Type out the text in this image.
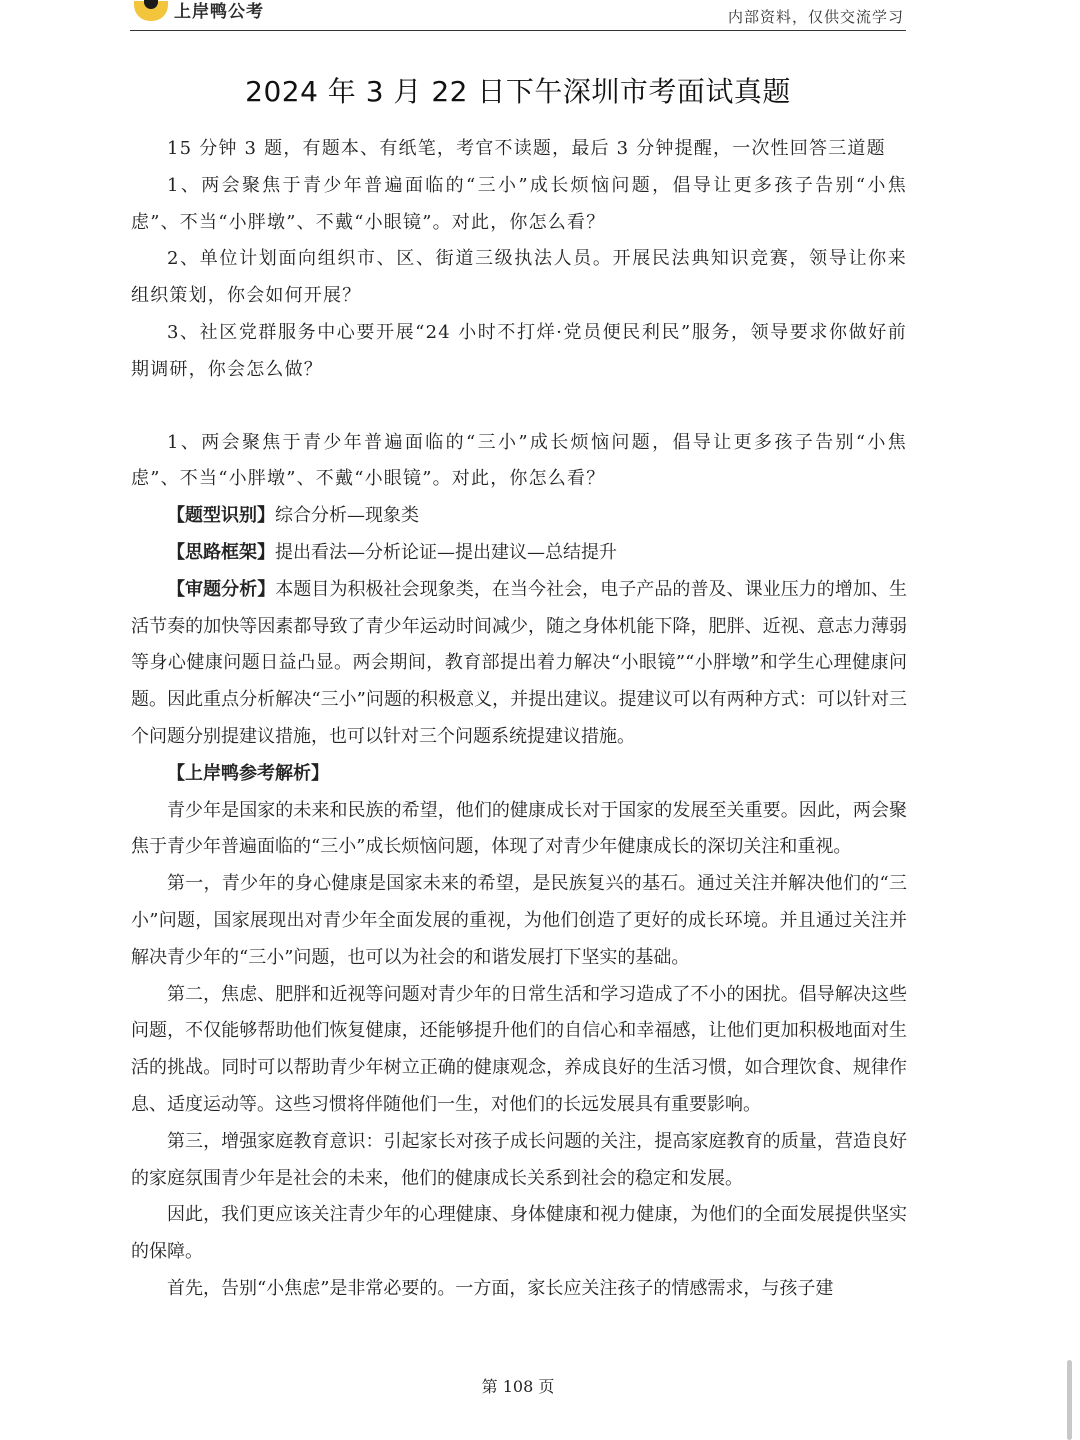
上岸鸭公考	内部资料，仅供交流学习
2024 年 3 月 22 日下午深圳市考面试真题

15 分钟 3 题，有题本、有纸笔，考官不读题，最后 3 分钟提醒，一次性回答三道题

1、两会聚焦于青少年普遍面临的“三小”成长烦恼问题，倡导让更多孩子告别“小焦虑”、不当“小胖墩”、不戴“小眼镜”。对此，你怎么看？

2、单位计划面向组织市、区、街道三级执法人员。开展民法典知识竞赛，领导让你来组织策划，你会如何开展？

3、社区党群服务中心要开展“24 小时不打烊·党员便民利民”服务，领导要求你做好前期调研，你会怎么做？

1、两会聚焦于青少年普遍面临的“三小”成长烦恼问题，倡导让更多孩子告别“小焦虑”、不当“小胖墩”、不戴“小眼镜”。对此，你怎么看？

【题型识别】综合分析—现象类

【思路框架】提出看法—分析论证—提出建议—总结提升

【审题分析】本题目为积极社会现象类，在当今社会，电子产品的普及、课业压力的增加、生活节奏的加快等因素都导致了青少年运动时间减少，随之身体机能下降，肥胖、近视、意志力薄弱等身心健康问题日益凸显。两会期间，教育部提出着力解决“小眼镜”“小胖墩”和学生心理健康问题。因此重点分析解决“三小”问题的积极意义，并提出建议。提建议可以有两种方式：可以针对三个问题分别提建议措施，也可以针对三个问题系统提建议措施。

【上岸鸭参考解析】

青少年是国家的未来和民族的希望，他们的健康成长对于国家的发展至关重要。因此，两会聚焦于青少年普遍面临的“三小”成长烦恼问题，体现了对青少年健康成长的深切关注和重视。

第一，青少年的身心健康是国家未来的希望，是民族复兴的基石。通过关注并解决他们的“三小”问题，国家展现出对青少年全面发展的重视，为他们创造了更好的成长环境。并且通过关注并解决青少年的“三小”问题，也可以为社会的和谐发展打下坚实的基础。

第二，焦虑、肥胖和近视等问题对青少年的日常生活和学习造成了不小的困扰。倡导解决这些问题，不仅能够帮助他们恢复健康，还能够提升他们的自信心和幸福感，让他们更加积极地面对生活的挑战。同时可以帮助青少年树立正确的健康观念，养成良好的生活习惯，如合理饮食、规律作息、适度运动等。这些习惯将伴随他们一生，对他们的长远发展具有重要影响。

第三，增强家庭教育意识：引起家长对孩子成长问题的关注，提高家庭教育的质量，营造良好的家庭氛围青少年是社会的未来，他们的健康成长关系到社会的稳定和发展。

因此，我们更应该关注青少年的心理健康、身体健康和视力健康，为他们的全面发展提供坚实的保障。

首先，告别“小焦虑”是非常必要的。一方面，家长应关注孩子的情感需求，与孩子建

第 108 页
